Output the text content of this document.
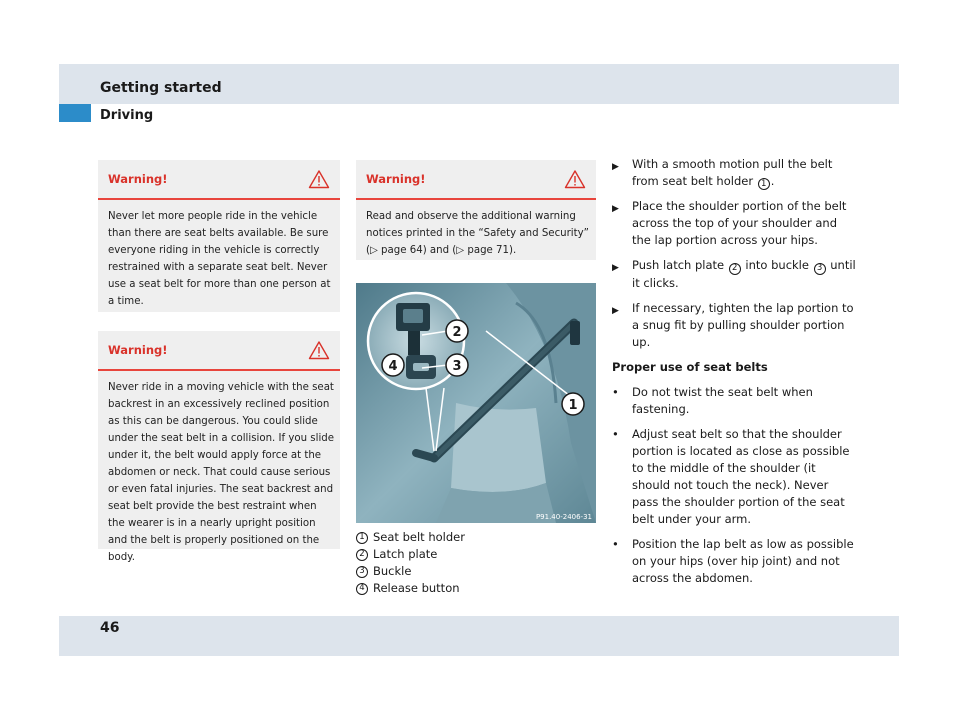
Getting started
Driving
Warning!
Never let more people ride in the vehicle than there are seat belts available. Be sure everyone riding in the vehicle is correctly restrained with a separate seat belt. Never use a seat belt for more than one person at a time.
Warning!
Never ride in a moving vehicle with the seat backrest in an excessively reclined position as this can be dangerous. You could slide under the seat belt in a collision. If you slide under it, the belt would apply force at the abdomen or neck. That could cause serious or even fatal injuries. The seat backrest and seat belt provide the best restraint when the wearer is in a nearly upright position and the belt is properly positioned on the body.
Warning!
Read and observe the additional warning notices printed in the “Safety and Security” (▷ page 64) and (▷ page 71).
2
3
4
1
P91.40-2406-31
1 Seat belt holder
2 Latch plate
3 Buckle
4 Release button
▶	With a smooth motion pull the belt from seat belt holder 1 .
▶	Place the shoulder portion of the belt across the top of your shoulder and the lap portion across your hips.
▶	Push latch plate 2 into buckle 3 until it clicks.
▶	If necessary, tighten the lap portion to a snug fit by pulling shoulder portion up.
Proper use of seat belts
•	Do not twist the seat belt when fastening.
•	Adjust seat belt so that the shoulder portion is located as close as possible to the middle of the shoulder (it should not touch the neck). Never pass the shoulder portion of the seat belt under your arm.
•	Position the lap belt as low as possible on your hips (over hip joint) and not across the abdomen.
46
